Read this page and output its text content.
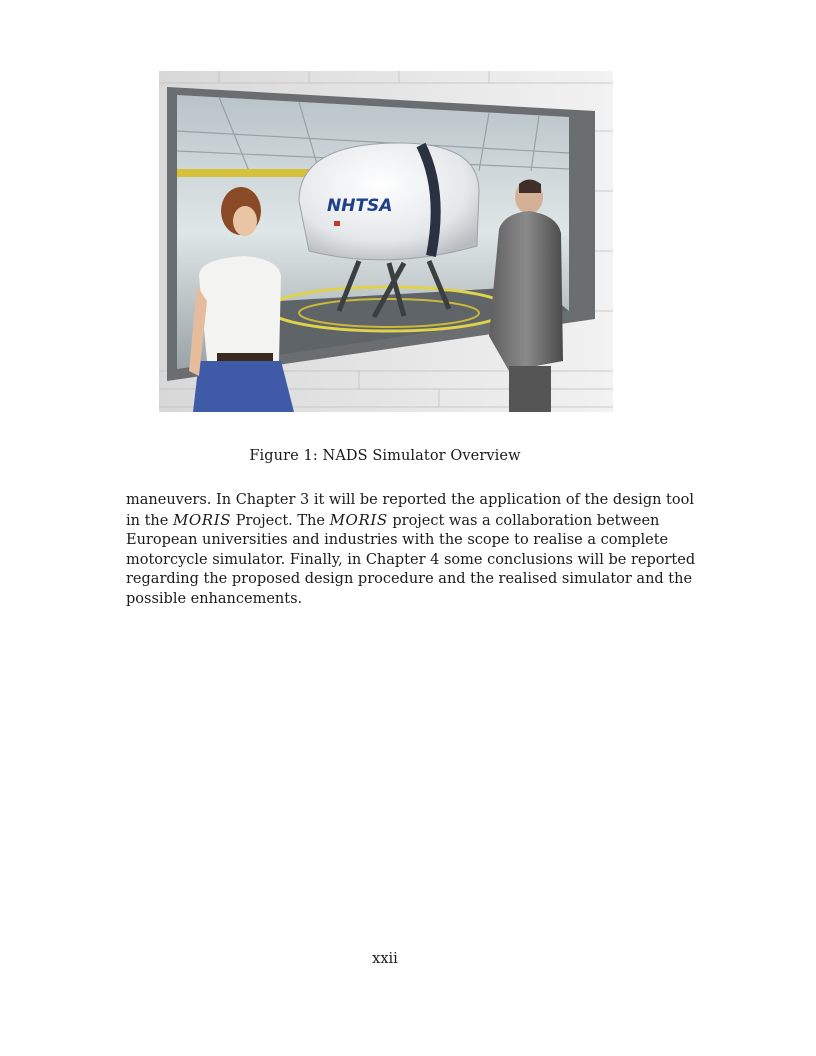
NHTSA
Figure 1: NADS Simulator Overview

maneuvers. In Chapter 3 it will be reported the application of the design tool
in the MORIS Project. The MORIS project was a collaboration between
European universities and industries with the scope to realise a complete
motorcycle simulator. Finally, in Chapter 4 some conclusions will be reported
regarding the proposed design procedure and the realised simulator and the
possible enhancements.

xxii
